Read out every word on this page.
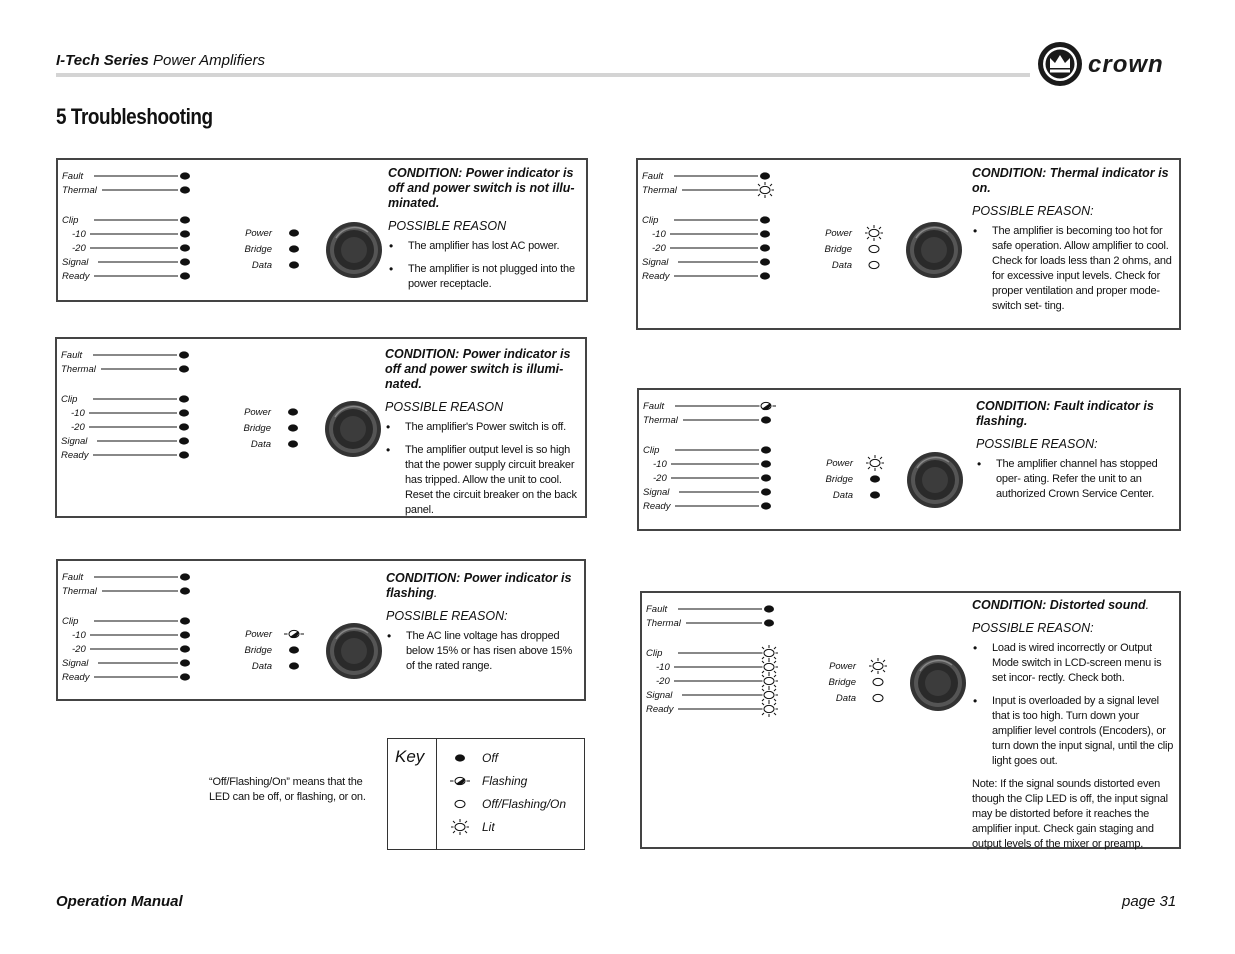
I-Tech Series Power Amplifiers	crown
5 Troubleshooting
Fault
Thermal
Clip
-10
-20
Signal
Ready
Power
Bridge
Data
CONDITION: Power indicator is off and power switch is not illu- minated.
POSSIBLE REASON
• The amplifier has lost AC power.
• The amplifier is not plugged into the power receptacle.
Fault
Thermal
Clip
-10
-20
Signal
Ready
Power
Bridge
Data
CONDITION: Power indicator is off and power switch is illumi- nated.
POSSIBLE REASON
• The amplifier's Power switch is off.
• The amplifier output level is so high that the power supply circuit breaker has tripped. Allow the unit to cool. Reset the circuit breaker on the back panel.
Fault
Thermal
Clip
-10
-20
Signal
Ready
Power
Bridge
Data
CONDITION: Power indicator is flashing.
POSSIBLE REASON:
• The AC line voltage has dropped below 15% or has risen above 15% of the rated range.
Fault
Thermal
Clip
-10
-20
Signal
Ready
Power
Bridge
Data
CONDITION: Thermal indicator is on.
POSSIBLE REASON:
• The amplifier is becoming too hot for safe operation. Allow amplifier to cool. Check for loads less than 2 ohms, and for excessive input levels. Check for proper ventilation and proper mode-switch set- ting.
Fault
Thermal
Clip
-10
-20
Signal
Ready
Power
Bridge
Data
CONDITION: Fault indicator is flashing.
POSSIBLE REASON:
• The amplifier channel has stopped oper- ating. Refer the unit to an authorized Crown Service Center.
Fault
Thermal
Clip
-10
-20
Signal
Ready
Power
Bridge
Data
CONDITION: Distorted sound.
POSSIBLE REASON:
• Load is wired incorrectly or Output Mode switch in LCD-screen menu is set incor- rectly. Check both.
• Input is overloaded by a signal level that is too high. Turn down your amplifier level controls (Encoders), or turn down the input signal, until the clip light goes out.
Note: If the signal sounds distorted even though the Clip LED is off, the input signal may be distorted before it reaches the amplifier input. Check gain staging and output levels of the mixer or preamp.
“Off/Flashing/On” means that the LED can be off, or flashing, or on.
Key	Off
Flashing
Off/Flashing/On
Lit
Operation Manual	page 31
